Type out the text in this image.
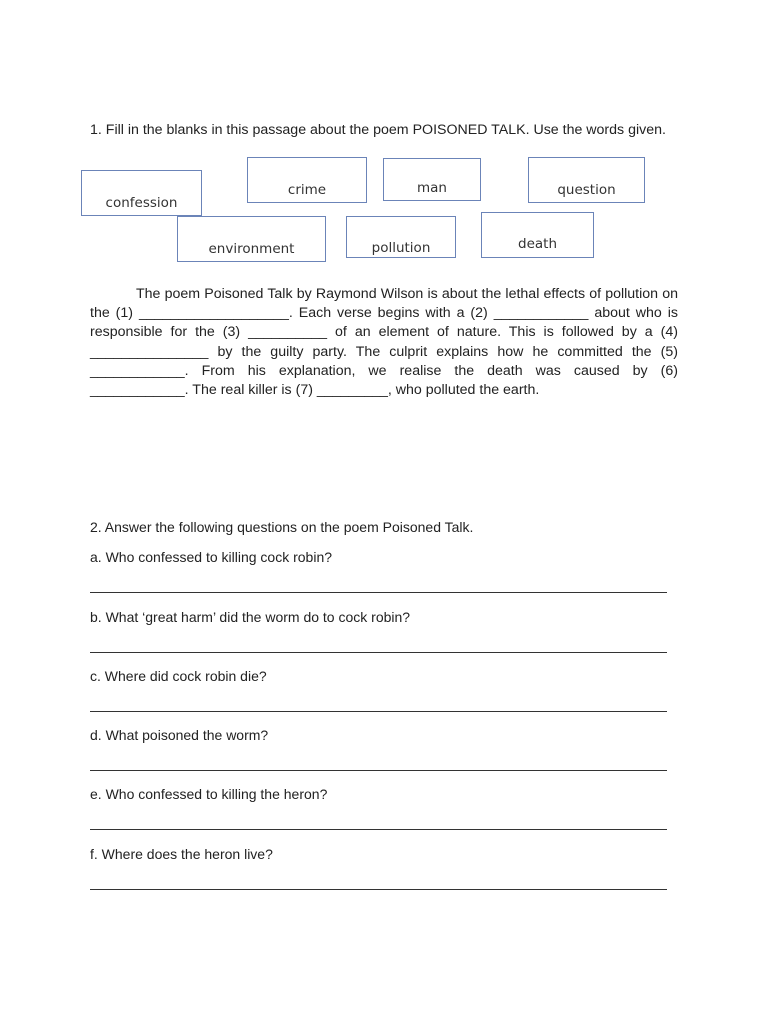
1. Fill in the blanks in this passage about the poem POISONED TALK. Use the words given.
confession
crime	man	question
environment	pollution	death

The poem Poisoned Talk by Raymond Wilson is about the lethal effects of pollution on the (1) ___________________. Each verse begins with a (2) ____________ about who is responsible for the (3) __________ of an element of nature. This is followed by a (4) _______________ by the guilty party. The culprit explains how he committed the (5) ____________. From his explanation, we realise the death was caused by (6) ____________. The real killer is (7) _________, who polluted the earth.

2. Answer the following questions on the poem Poisoned Talk.
a. Who confessed to killing cock robin?
b. What ‘great harm’ did the worm do to cock robin?
c. Where did cock robin die?
d. What poisoned the worm?
e. Who confessed to killing the heron?
f. Where does the heron live?
